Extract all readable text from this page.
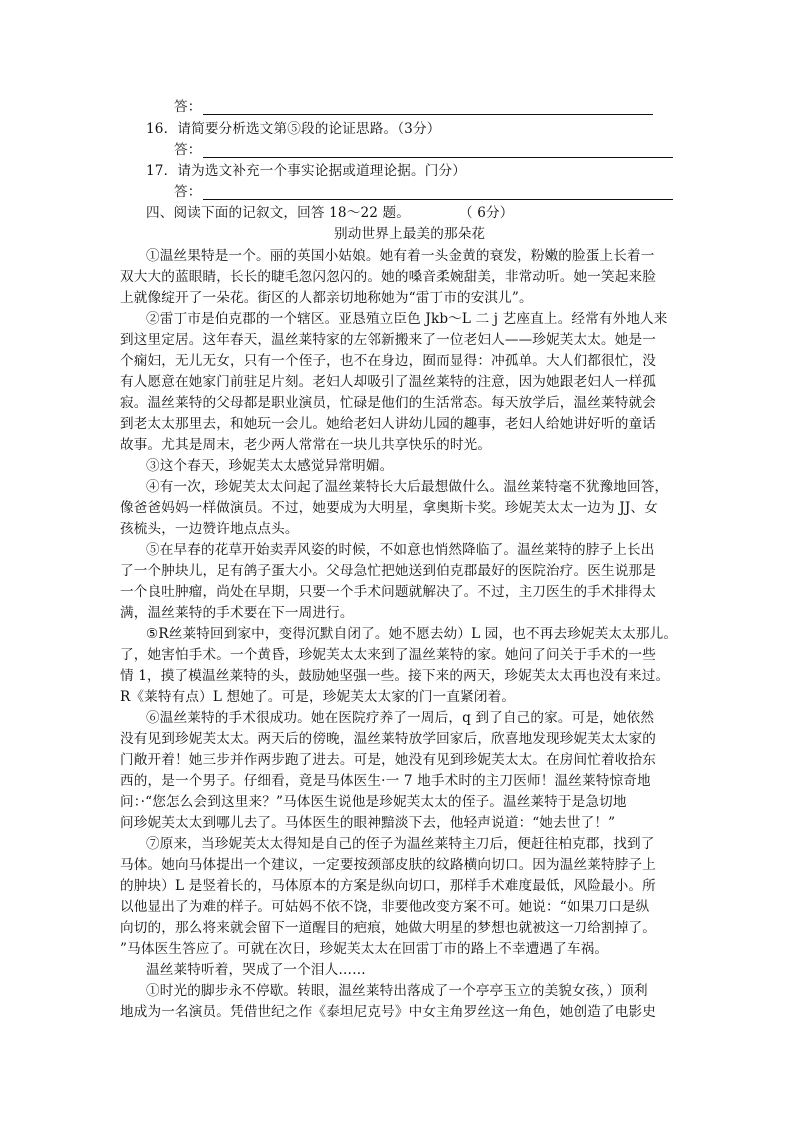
答：
16．请简要分析选文第⑤段的论证思路。（3分）
答：
17．请为选文补充一个事实论据或道理论据。门分）
答：
四、阅读下面的记叙文，回答 18～22 题。	（ 6分）
别动世界上最美的那朵花
①温丝果特是一个。丽的英国小姑娘。她有着一头金黄的衰发，粉嫩的脸蛋上长着一
双大大的蓝眼睛，长长的睫毛忽闪忽闪的。她的嗓音柔婉甜美，非常动听。她一笑起来脸
上就像绽开了一朵花。街区的人都亲切地称她为“雷丁市的安淇儿”。
②雷丁市是伯克郡的一个辖区。亚恳殖立臣色 Jkb～L 二 j 艺座直上。经常有外地人来
到这里定居。这年春天，温丝莱特家的左邻新搬来了一位老妇人——珍妮芙太太。她是一
个痫妇，无儿无女，只有一个侄子，也不在身边，囿而显得：冲孤单。大人们都很忙，没
有人愿意在她家门前驻足片刻。老妇人却吸引了温丝莱特的注意，因为她跟老妇人一样孤
寂。温丝莱特的父母都是职业演员，忙碌是他们的生活常态。每天放学后，温丝莱特就会
到老太太那里去，和她玩一会儿。她给老妇人讲幼儿园的趣事，老妇人给她讲好听的童话
故事。尤其是周末，老少两人常常在一块儿共享快乐的时光。
③这个春天，珍妮芙太太感觉异常明媚。
④有一次，珍妮芙太太问起了温丝莱特长大后最想做什么。温丝莱特毫不犹豫地回答，
像爸爸妈妈一样做演员。不过，她要成为大明星，拿奥斯卡奖。珍妮芙太太一边为 JJ、女
孩梳头，一边赞许地点点头。
⑤在早春的花草开始卖弄风姿的时候，不如意也悄然降临了。温丝莱特的脖子上长出
了一个肿块儿，足有鸽子蛋大小。父母急忙把她送到伯克郡最好的医院治疗。医生说那是
一个良吐肿瘤，尚处在早期，只要一个手术问题就解决了。不过，主刀医生的手术排得太
满，温丝莱特的手术要在下一周进行。
⑤R丝莱特回到家中，变得沉默自闭了。她不愿去幼）L 园，也不再去珍妮芙太太那儿。
了，她害怕手术。一个黄昏，珍妮芙太太来到了温丝莱特的家。她问了问关于手术的一些
情 1，摸了模温丝莱特的头，鼓励她坚强一些。接下来的两天，珍妮芙太太再也没有来过。
R《莱特有点）L 想她了。可是，珍妮芙太太家的门一直紧闭着。
⑥温丝莱特的手术很成功。她在医院疗养了一周后，q 到了自己的家。可是，她依然
没有见到珍妮芙太太。两天后的傍晚，温丝莱特放学回家后，欣喜地发现珍妮芙太太家的
门敞开着！她三步并作两步跑了进去。可是，她没有见到珍妮芙太太。在房间忙着收拾东
西的，是一个男子。仔细看，竟是马体医生·一 7 地手术时的主刀医师！温丝莱特惊奇地
问：·“您怎么会到这里来？”马体医生说他是珍妮芙太太的侄子。温丝莱特于是急切地
问珍妮芙太太到哪儿去了。马体医生的眼神黯淡下去，他轻声说道：“她去世了！”
⑦原来，当珍妮芙太太得知是自己的侄子为温丝莱特主刀后，便赶往柏克郡，找到了
马体。她向马体提出一个建议，一定要按颈部皮肤的纹路横向切口。因为温丝莱特脖子上
的肿块）L 是竖着长的，马体原本的方案是纵向切口，那样手术难度最低，风险最小。所
以他显出了为难的样子。可姑妈不依不饶，非要他改变方案不可。她说：“如果刀口是纵
向切的，那么将来就会留下一道醒目的疤痕，她做大明星的梦想也就被这一刀给割掉了。
”马体医生答应了。可就在次日，珍妮芙太太在回雷丁市的路上不幸遭遇了车祸。
温丝莱特听着，哭成了一个泪人……
①时光的脚步永不停歇。转眼，温丝莱特出落成了一个亭亭玉立的美貌女孩，）顶利
地成为一名演员。凭借世纪之作《泰坦尼克号》中女主角罗丝这一角色，她创造了电影史
